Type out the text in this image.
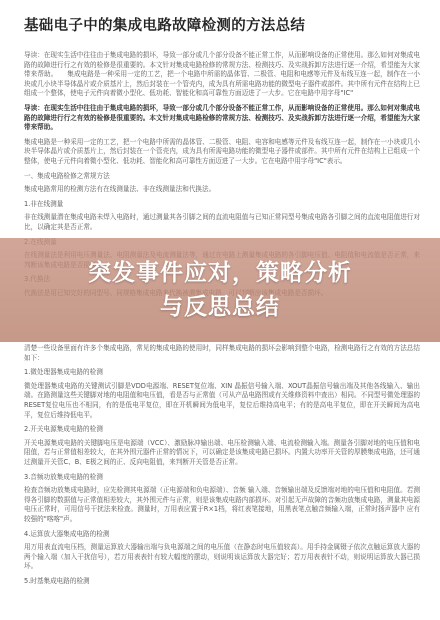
基础电子中的集成电路故障检测的方法总结

导读：在现实生活中往往由于集成电路的损坏，导致一部分或几个部分设备不能正常工作，从而影响设备的正常使用。那么如何对集成电路的故障进行行之有效的检修是很重要的。本文针对集成电路检修的常规方法、检测技巧、及实战拆卸方法进行逐一介绍，希望能为大家带来帮助。　　集成电路是一种采用一定的工艺，把一个电路中所需的晶体管、二极管、电阻和电感等元件及布线互连一起，制作在一小块或几小块半导体晶片或介质基片上，然后封装在一个管壳内，成为具有所需电路功能的微型电子器件或部件。其中所有元件在结构上已组成一个整体，使电子元件向着微小型化、低功耗、智能化和高可靠性方面迈进了一大步。它在电路中用字母"IC"

导读：在现实生活中往往由于集成电路的损坏，导致一部分或几个部分设备不能正常工作，从而影响设备的正常使用。那么如何对集成电路的故障进行行之有效的检修是很重要的。本文针对集成电路检修的常规方法、检测技巧、及实战拆卸方法进行逐一介绍，希望能为大家带来帮助。

集成电路是一种采用一定的工艺，把一个电路中所需的晶体管、二极管、电阻、电容和电感等元件及布线互连一起，制作在一小块或几小块半导体晶片或介质基片上，然后封装在一个管壳内，成为具有所需电路功能的微型电子器件或部件。其中所有元件在结构上已组成一个整体，使电子元件向着微小型化、低功耗、智能化和高可靠性方面迈进了一大步。它在电路中用字母"IC"表示。

一、集成电路检修之常规方法

集成电路常用的检测方法有在线测量法、非在线测量法和代换法。

1.非在线测量

非在线测量潜在集成电路未焊入电路时，通过测量其各引脚之间的直流电阻值与已知正常同型号集成电路各引脚之间的直流电阻值进行对比，以确定其是否正常。

突发事件应对，策略分析
与反思总结

清楚一些设备里面有许多个集成电路，常见的集成电路的使用时，同样集成电路的损坏会影响到整个电路，检测电路行之有效的方法总结如下：

1.微处理器集成电路的检测

微处理器集成电路的关键测试引脚是VDD电源端、RESET复位端、XIN 晶振信号输入端、XOUT晶振信号输出端及其他各线输入、输出端。在路测量这些关键脚对地的电阻值和电压值，看是否与正常值（可从产品电路图或有关维修资料中查出）相同。不同型号微处理器的RESET复位电压也不相同，有的是低电平复位，即在开机瞬间为低电平，复位后维持高电平；有的是高电平复位，即在开关瞬间为高电平，复位后维持低电平。

2.开关电源集成电路的检测

开关电源集成电路的关键脚电压是电源端（VCC）、激励脉冲输出端、电压检测输入端、电流检测输入端。测量各引脚对地的电压值和电阻值，若与正常值相差较大，在其外围元器件正常的情况下，可以确定是该集成电路已损坏。内置大功率开关管的厚膜集成电路，还可通过测量开关管C、B、E极之间的正、反向电阻值，来判断开关管是否正常。

3.音频功放集成电路的检测

检查音频功放集成电路时，应先检测其电源端（正电源端和负电源端）、音频 输入端、音频输出端及反馈端对地的电压值和电阻值。若测得各引脚的数据值与正常值相差较大，其外围元件与正常，则是该集成电路内部损坏。对引起无声故障的音频功放集成电路，测量其电源电压正常时，可用信号干扰法来检查。测量时，万用表应置于R×1档，将红表笔接地，用黑表笔点触音频输入端，正常时扬声器中 应有较强的"喀喀"声。

4.运算放大器集成电路的检测

用万用表直流电压档，测量运算放大器输出端与负电源端之间的电压值（在静态时电压值较高）。用手持金属镊子依次点触运算放大器的两个输入端（加入干扰信号），若万用表表针有较大幅度的摆动，则说明该运算放大器完好；若万用表表针不动，则说明运算放大器已损坏。

5.时基集成电路的检测
